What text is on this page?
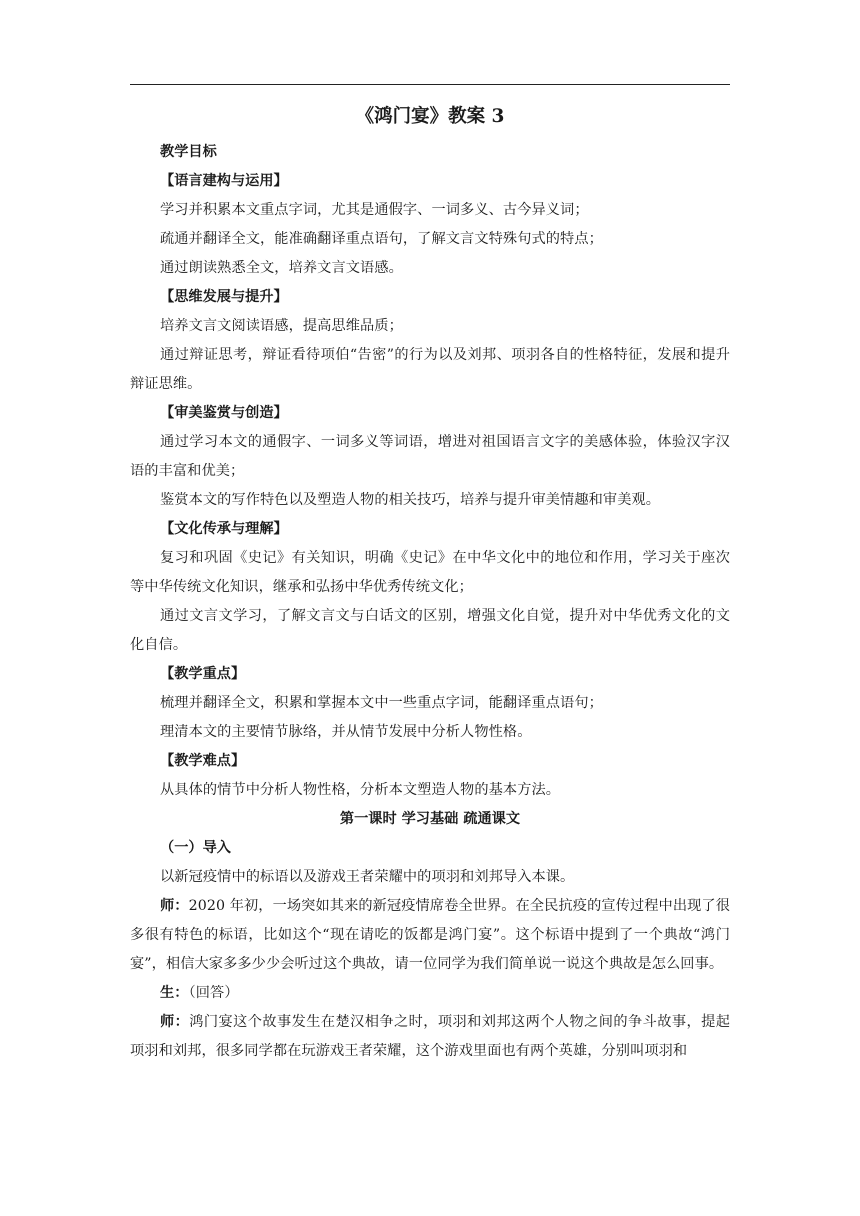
《鸿门宴》教案 3

教学目标

【语言建构与运用】

学习并积累本文重点字词，尤其是通假字、一词多义、古今异义词；

疏通并翻译全文，能准确翻译重点语句，了解文言文特殊句式的特点；

通过朗读熟悉全文，培养文言文语感。

【思维发展与提升】

培养文言文阅读语感，提高思维品质；

通过辩证思考，辩证看待项伯“告密”的行为以及刘邦、项羽各自的性格特征，发展和提升辩证思维。

【审美鉴赏与创造】

通过学习本文的通假字、一词多义等词语，增进对祖国语言文字的美感体验，体验汉字汉语的丰富和优美；

鉴赏本文的写作特色以及塑造人物的相关技巧，培养与提升审美情趣和审美观。

【文化传承与理解】

复习和巩固《史记》有关知识，明确《史记》在中华文化中的地位和作用，学习关于座次等中华传统文化知识，继承和弘扬中华优秀传统文化；

通过文言文学习，了解文言文与白话文的区别，增强文化自觉，提升对中华优秀文化的文化自信。

【教学重点】

梳理并翻译全文，积累和掌握本文中一些重点字词，能翻译重点语句；

理清本文的主要情节脉络，并从情节发展中分析人物性格。

【教学难点】

从具体的情节中分析人物性格，分析本文塑造人物的基本方法。

第一课时 学习基础 疏通课文

（一）导入

以新冠疫情中的标语以及游戏王者荣耀中的项羽和刘邦导入本课。

师：2020 年初，一场突如其来的新冠疫情席卷全世界。在全民抗疫的宣传过程中出现了很多很有特色的标语，比如这个“现在请吃的饭都是鸿门宴”。这个标语中提到了一个典故“鸿门宴”，相信大家多多少少会听过这个典故，请一位同学为我们简单说一说这个典故是怎么回事。

生：（回答）

师：鸿门宴这个故事发生在楚汉相争之时，项羽和刘邦这两个人物之间的争斗故事，提起项羽和刘邦，很多同学都在玩游戏王者荣耀，这个游戏里面也有两个英雄，分别叫项羽和
